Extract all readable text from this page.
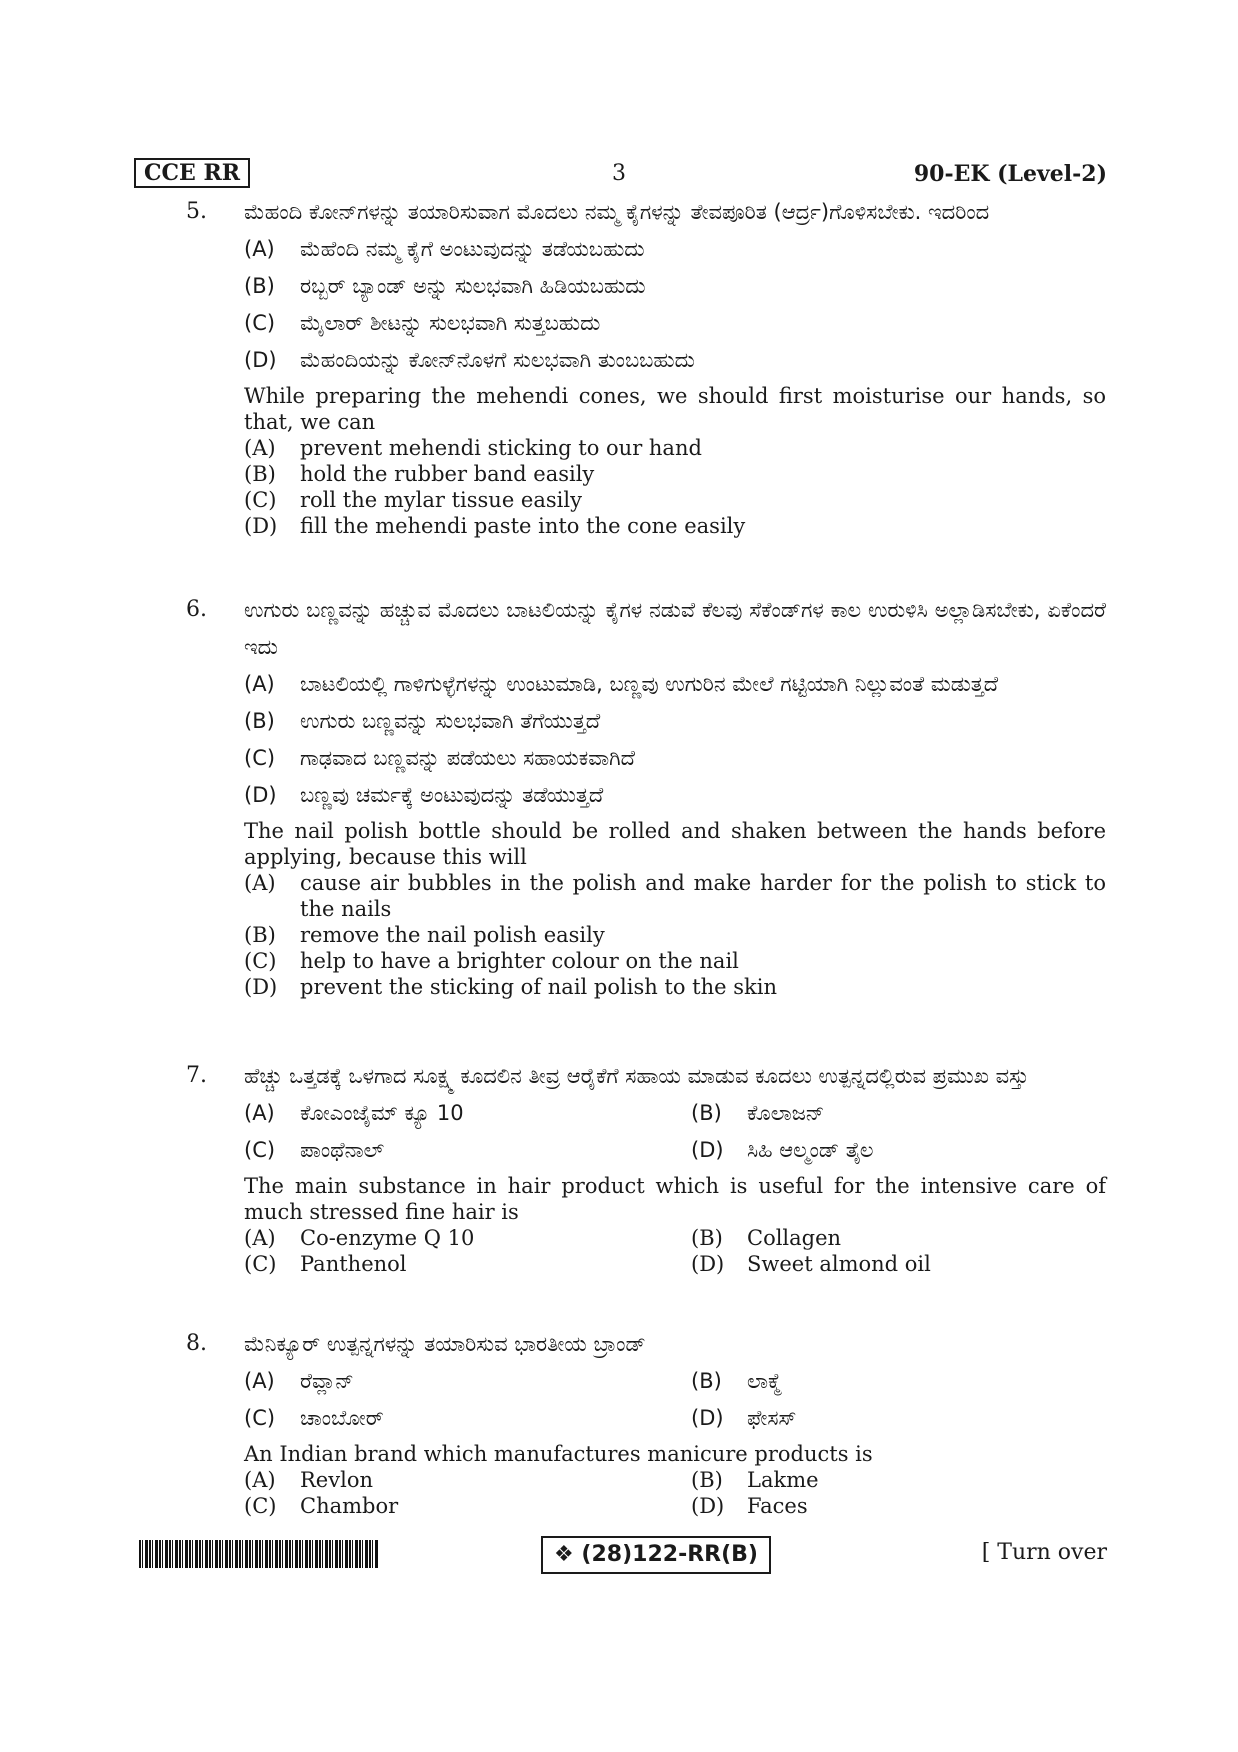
CCE RR	3	90-EK (Level-2)
5. ಮೆಹಂದಿ ಕೋನ್‌ಗಳನ್ನು ತಯಾರಿಸುವಾಗ ಮೊದಲು ನಮ್ಮ ಕೈಗಳನ್ನು ತೇವಪೂರಿತ (ಆರ್ದ್ರ)ಗೊಳಿಸಬೇಕು. ಇದರಿಂದ
(A)	ಮೆಹೆಂದಿ ನಮ್ಮ ಕೈಗೆ ಅಂಟುವುದನ್ನು ತಡೆಯಬಹುದು
(B)	ರಬ್ಬರ್ ಬ್ಯಾಂಡ್ ಅನ್ನು ಸುಲಭವಾಗಿ ಹಿಡಿಯಬಹುದು
(C)	ಮೈಲಾರ್ ಶೀಟನ್ನು ಸುಲಭವಾಗಿ ಸುತ್ತಬಹುದು
(D)	ಮೆಹಂದಿಯನ್ನು ಕೋನ್‌ನೊಳಗೆ ಸುಲಭವಾಗಿ ತುಂಬಬಹುದು
While preparing the mehendi cones, we should first moisturise our hands, so that, we can
(A)	prevent mehendi sticking to our hand
(B)	hold the rubber band easily
(C)	roll the mylar tissue easily
(D)	fill the mehendi paste into the cone easily
6. ಉಗುರು ಬಣ್ಣವನ್ನು ಹಚ್ಚುವ ಮೊದಲು ಬಾಟಲಿಯನ್ನು ಕೈಗಳ ನಡುವೆ ಕೆಲವು ಸೆಕೆಂಡ್‌ಗಳ ಕಾಲ ಉರುಳಿಸಿ ಅಲ್ಲಾಡಿಸಬೇಕು, ಏಕೆಂದರೆ ಇದು
(A)	ಬಾಟಲಿಯಲ್ಲಿ ಗಾಳಿಗುಳ್ಳೆಗಳನ್ನು ಉಂಟುಮಾಡಿ, ಬಣ್ಣವು ಉಗುರಿನ ಮೇಲೆ ಗಟ್ಟಿಯಾಗಿ ನಿಲ್ಲುವಂತೆ ಮಡುತ್ತದೆ
(B)	ಉಗುರು ಬಣ್ಣವನ್ನು ಸುಲಭವಾಗಿ ತೆಗೆಯುತ್ತದೆ
(C)	ಗಾಢವಾದ ಬಣ್ಣವನ್ನು ಪಡೆಯಲು ಸಹಾಯಕವಾಗಿದೆ
(D)	ಬಣ್ಣವು ಚರ್ಮಕ್ಕೆ ಅಂಟುವುದನ್ನು ತಡೆಯುತ್ತದೆ
The nail polish bottle should be rolled and shaken between the hands before applying, because this will
(A)	cause air bubbles in the polish and make harder for the polish to stick to the nails
(B)	remove the nail polish easily
(C)	help to have a brighter colour on the nail
(D)	prevent the sticking of nail polish to the skin
7. ಹೆಚ್ಚು ಒತ್ತಡಕ್ಕೆ ಒಳಗಾದ ಸೂಕ್ಷ್ಮ ಕೂದಲಿನ ತೀವ್ರ ಆರೈಕೆಗೆ ಸಹಾಯ ಮಾಡುವ ಕೂದಲು ಉತ್ಪನ್ನದಲ್ಲಿರುವ ಪ್ರಮುಖ ವಸ್ತು
(A)	ಕೋಎಂಜೈಮ್ ಕ್ಯೂ 10	(B)	ಕೊಲಾಜನ್
(C)	ಪಾಂಥೆನಾಲ್	(D)	ಸಿಹಿ ಆಲ್ಮಂಡ್ ತೈಲ
The main substance in hair product which is useful for the intensive care of much stressed fine hair is
(A)	Co-enzyme Q 10	(B)	Collagen
(C)	Panthenol	(D)	Sweet almond oil
8. ಮೆನಿಕ್ಯೂರ್ ಉತ್ಪನ್ನಗಳನ್ನು ತಯಾರಿಸುವ ಭಾರತೀಯ ಬ್ರಾಂಡ್
(A)	ರೆವ್ಲಾನ್	(B)	ಲಾಕ್ಮೆ
(C)	ಚಾಂಬೋರ್	(D)	ಫೇಸಸ್
An Indian brand which manufactures manicure products is
(A)	Revlon	(B)	Lakme
(C)	Chambor	(D)	Faces
❖ (28)122-RR(B)	[ Turn over
